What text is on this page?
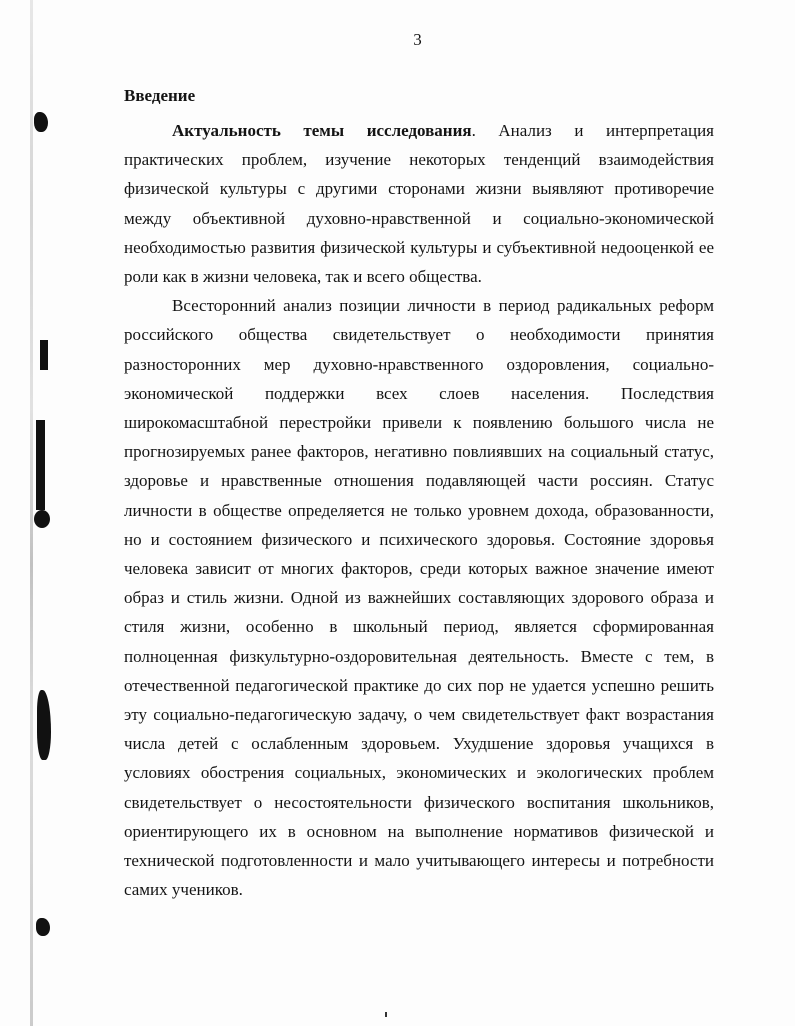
3
Введение

Актуальность темы исследования. Анализ и интерпретация практических проблем, изучение некоторых тенденций взаимодействия физической культуры с другими сторонами жизни выявляют противоречие между объективной духовно-нравственной и социально-экономической необходимостью развития физической культуры и субъективной недооценкой ее роли как в жизни человека, так и всего общества.

Всесторонний анализ позиции личности в период радикальных реформ российского общества свидетельствует о необходимости принятия разносторонних мер духовно-нравственного оздоровления, социально-экономической поддержки всех слоев населения. Последствия широкомасштабной перестройки привели к появлению большого числа не прогнозируемых ранее факторов, негативно повлиявших на социальный статус, здоровье и нравственные отношения подавляющей части россиян. Статус личности в обществе определяется не только уровнем дохода, образованности, но и состоянием физического и психического здоровья. Состояние здоровья человека зависит от многих факторов, среди которых важное значение имеют образ и стиль жизни. Одной из важнейших составляющих здорового образа и стиля жизни, особенно в школьный период, является сформированная полноценная физкультурно-оздоровительная деятельность. Вместе с тем, в отечественной педагогической практике до сих пор не удается успешно решить эту социально-педагогическую задачу, о чем свидетельствует факт возрастания числа детей с ослабленным здоровьем. Ухудшение здоровья учащихся в условиях обострения социальных, экономических и экологических проблем свидетельствует о несостоятельности физического воспитания школьников, ориентирующего их в основном на выполнение нормативов физической и технической подготовленности и мало учитывающего интересы и потребности самих учеников.
